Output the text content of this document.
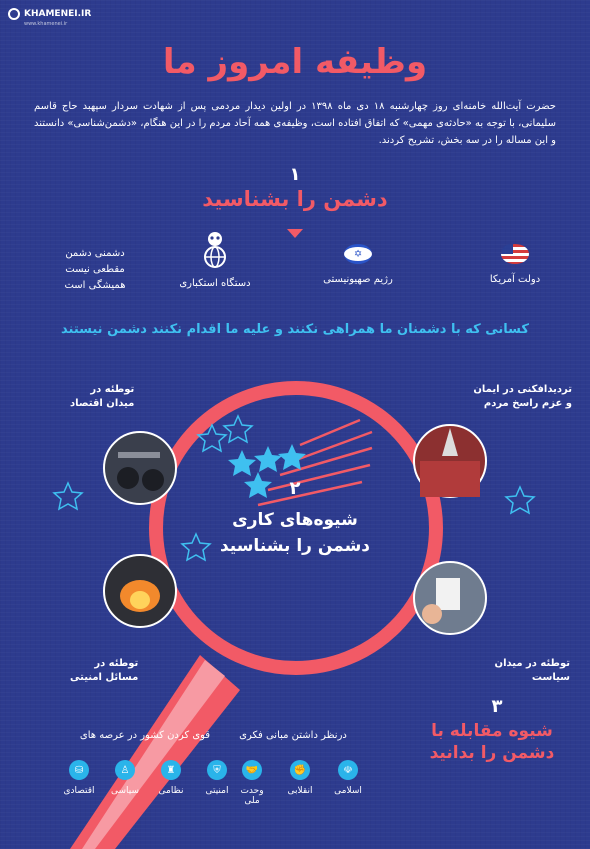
KHAMENEI.IR
www.khamenei.ir
وظیفه امروز ما
حضرت آیت‌الله خامنه‌ای روز چهارشنبه ۱۸ دی ماه ۱۳۹۸ در اولین دیدار مردمی پس از شهادت سردار سپهبد حاج قاسم سلیمانی، با توجه به «حادثه‌ی مهمی» که اتفاق افتاده است، وظیفه‌ی همه آحاد مردم را در این هنگام، «دشمن‌شناسی» دانستند و این مساله را در سه بخش، تشریح کردند.
۱
دشمن را بشناسید
دولت آمریکا
✡
رژیم صهیونیستی
دستگاه استکباری
دشمنی دشمن
مقطعی نیست
همیشگی است
کسانی که با دشمنان ما همراهی نکنند و علیه ما اقدام نکنند دشمن نیستند
۲
شیوه‌های کاری
دشمن را بشناسید
توطئه در
میدان اقتصاد
تردیدافکنی در ایمان
و عزم راسخ مردم
توطئه در
مسائل امنیتی
توطئه در میدان
سیاست
۳
شیوه مقابله با
دشمن را بدانید
درنظر داشتن مبانی فکری
قوی کردن کشور در عرصه های
☫
اسلامی
✊
انقلابی
🤝
وحدت ملی
⛨
امنیتی
♜
نظامی
♙
سیاسی
⛁
اقتصادی
